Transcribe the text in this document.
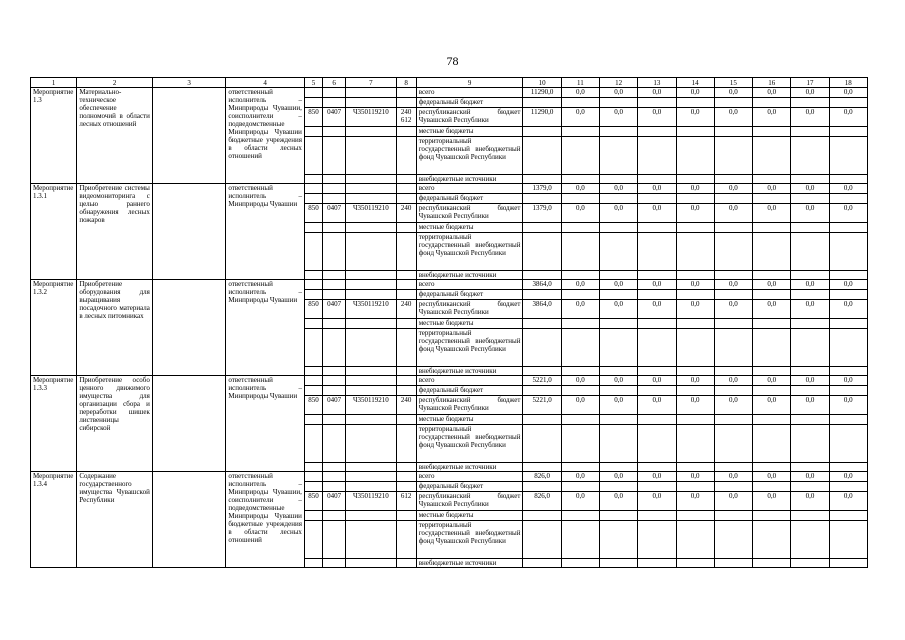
78
1	2	3	4	5	6	7	8	9	10	11	12	13	14	15	16	17	18
Мероприятие 1.3	Материально-техническое обеспечение полномочий в области лесных отношений		ответственный исполнитель – Минприроды Чувашии, соисполнители – подведомственные Минприроды Чувашии бюджетные учреждения в области лесных отношений					всего	11290,0	0,0	0,0	0,0	0,0	0,0	0,0	0,0	0,0
								федеральный бюджет									
				850	0407	Ч350119210	240 612	республиканский бюджет Чувашской Республики	11290,0	0,0	0,0	0,0	0,0	0,0	0,0	0,0	0,0
								местные бюджеты									
								территориальный государственный внебюджетный фонд Чувашской Республики									
								внебюджетные источники									
Мероприятие 1.3.1	Приобретение системы видеомониторинга с целью раннего обнаружения лесных пожаров		ответственный исполнитель – Минприроды Чувашии					всего	1379,0	0,0	0,0	0,0	0,0	0,0	0,0	0,0	0,0
								федеральный бюджет									
				850	0407	Ч350119210	240	республиканский бюджет Чувашской Республики	1379,0	0,0	0,0	0,0	0,0	0,0	0,0	0,0	0,0
								местные бюджеты									
								территориальный государственный внебюджетный фонд Чувашской Республики									
								внебюджетные источники									
Мероприятие 1.3.2	Приобретение оборудования для выращивания посадочного материала в лесных питомниках		ответственный исполнитель – Минприроды Чувашии					всего	3864,0	0,0	0,0	0,0	0,0	0,0	0,0	0,0	0,0
								федеральный бюджет									
				850	0407	Ч350119210	240	республиканский бюджет Чувашской Республики	3864,0	0,0	0,0	0,0	0,0	0,0	0,0	0,0	0,0
								местные бюджеты									
								территориальный государственный внебюджетный фонд Чувашской Республики									
								внебюджетные источники									
Мероприятие 1.3.3	Приобретение особо ценного движимого имущества для организации сбора и переработки шишек лиственницы сибирской		ответственный исполнитель – Минприроды Чувашии					всего	5221,0	0,0	0,0	0,0	0,0	0,0	0,0	0,0	0,0
								федеральный бюджет									
				850	0407	Ч350119210	240	республиканский бюджет Чувашской Республики	5221,0	0,0	0,0	0,0	0,0	0,0	0,0	0,0	0,0
								местные бюджеты									
								территориальный государственный внебюджетный фонд Чувашской Республики									
								внебюджетные источники									
Мероприятие 1.3.4	Содержание государственного имущества Чувашской Республики		ответственный исполнитель – Минприроды Чувашии, соисполнители – подведомственные Минприроды Чувашии бюджетные учреждения в области лесных отношений					всего	826,0	0,0	0,0	0,0	0,0	0,0	0,0	0,0	0,0
								федеральный бюджет									
				850	0407	Ч350119210	612	республиканский бюджет Чувашской Республики	826,0	0,0	0,0	0,0	0,0	0,0	0,0	0,0	0,0
								местные бюджеты									
								территориальный государственный внебюджетный фонд Чувашской Республики									
								внебюджетные источники									
